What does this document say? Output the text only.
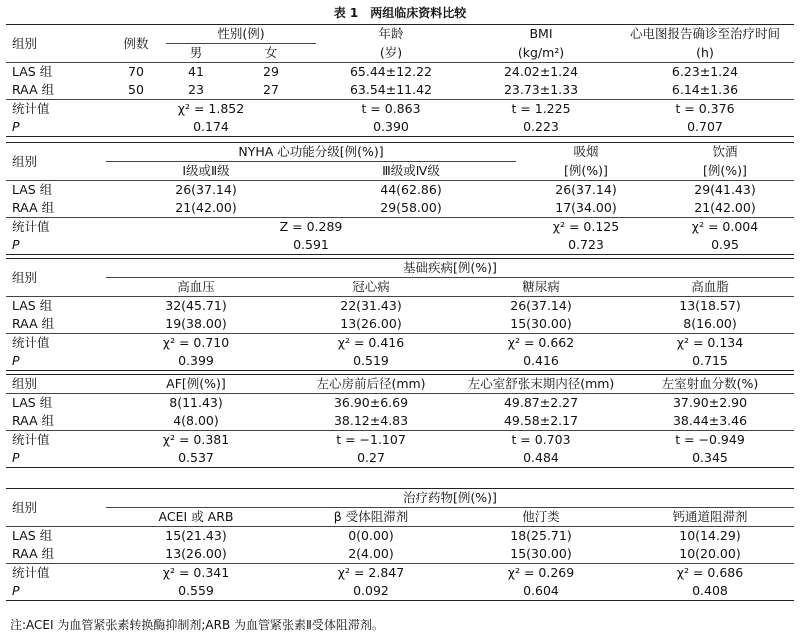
表 1　两组临床资料比较
组别	例数	性别(例)		年龄	BMI	心电图报告确诊至治疗时间
		男	女	(岁)	(kg/m²)	(h)
LAS 组	70	41	29	65.44±12.22	24.02±1.24	6.23±1.24
RAA 组	50	23	27	63.54±11.42	23.73±1.33	6.14±1.36
统计值	χ² = 1.852			t = 0.863	t = 1.225	t = 0.376
P	0.174			0.390	0.223	0.707
组别	NYHA 心功能分级[例(%)]		吸烟	饮酒
	Ⅰ级或Ⅱ级	Ⅲ级或Ⅳ级	[例(%)]	[例(%)]
LAS 组	26(37.14)	44(62.86)	26(37.14)	29(41.43)
RAA 组	21(42.00)	29(58.00)	17(34.00)	21(42.00)
统计值	Z = 0.289		χ² = 0.125	χ² = 0.004
P	0.591		0.723	0.95
组别	基础疾病[例(%)]			
	高血压	冠心病	糖尿病	高血脂
LAS 组	32(45.71)	22(31.43)	26(37.14)	13(18.57)
RAA 组	19(38.00)	13(26.00)	15(30.00)	8(16.00)
统计值	χ² = 0.710	χ² = 0.416	χ² = 0.662	χ² = 0.134
P	0.399	0.519	0.416	0.715
组别	AF[例(%)]	左心房前后径(mm)	左心室舒张末期内径(mm)	左室射血分数(%)
LAS 组	8(11.43)	36.90±6.69	49.87±2.27	37.90±2.90
RAA 组	4(8.00)	38.12±4.83	49.58±2.17	38.44±3.46
统计值	χ² = 0.381	t = −1.107	t = 0.703	t = −0.949
P	0.537	0.27	0.484	0.345
组别	治疗药物[例(%)]			
	ACEI 或 ARB	β 受体阻滞剂	他汀类	钙通道阻滞剂
LAS 组	15(21.43)	0(0.00)	18(25.71)	10(14.29)
RAA 组	13(26.00)	2(4.00)	15(30.00)	10(20.00)
统计值	χ² = 0.341	χ² = 2.847	χ² = 0.269	χ² = 0.686
P	0.559	0.092	0.604	0.408
注:ACEI 为血管紧张素转换酶抑制剂;ARB 为血管紧张素Ⅱ受体阻滞剂。
